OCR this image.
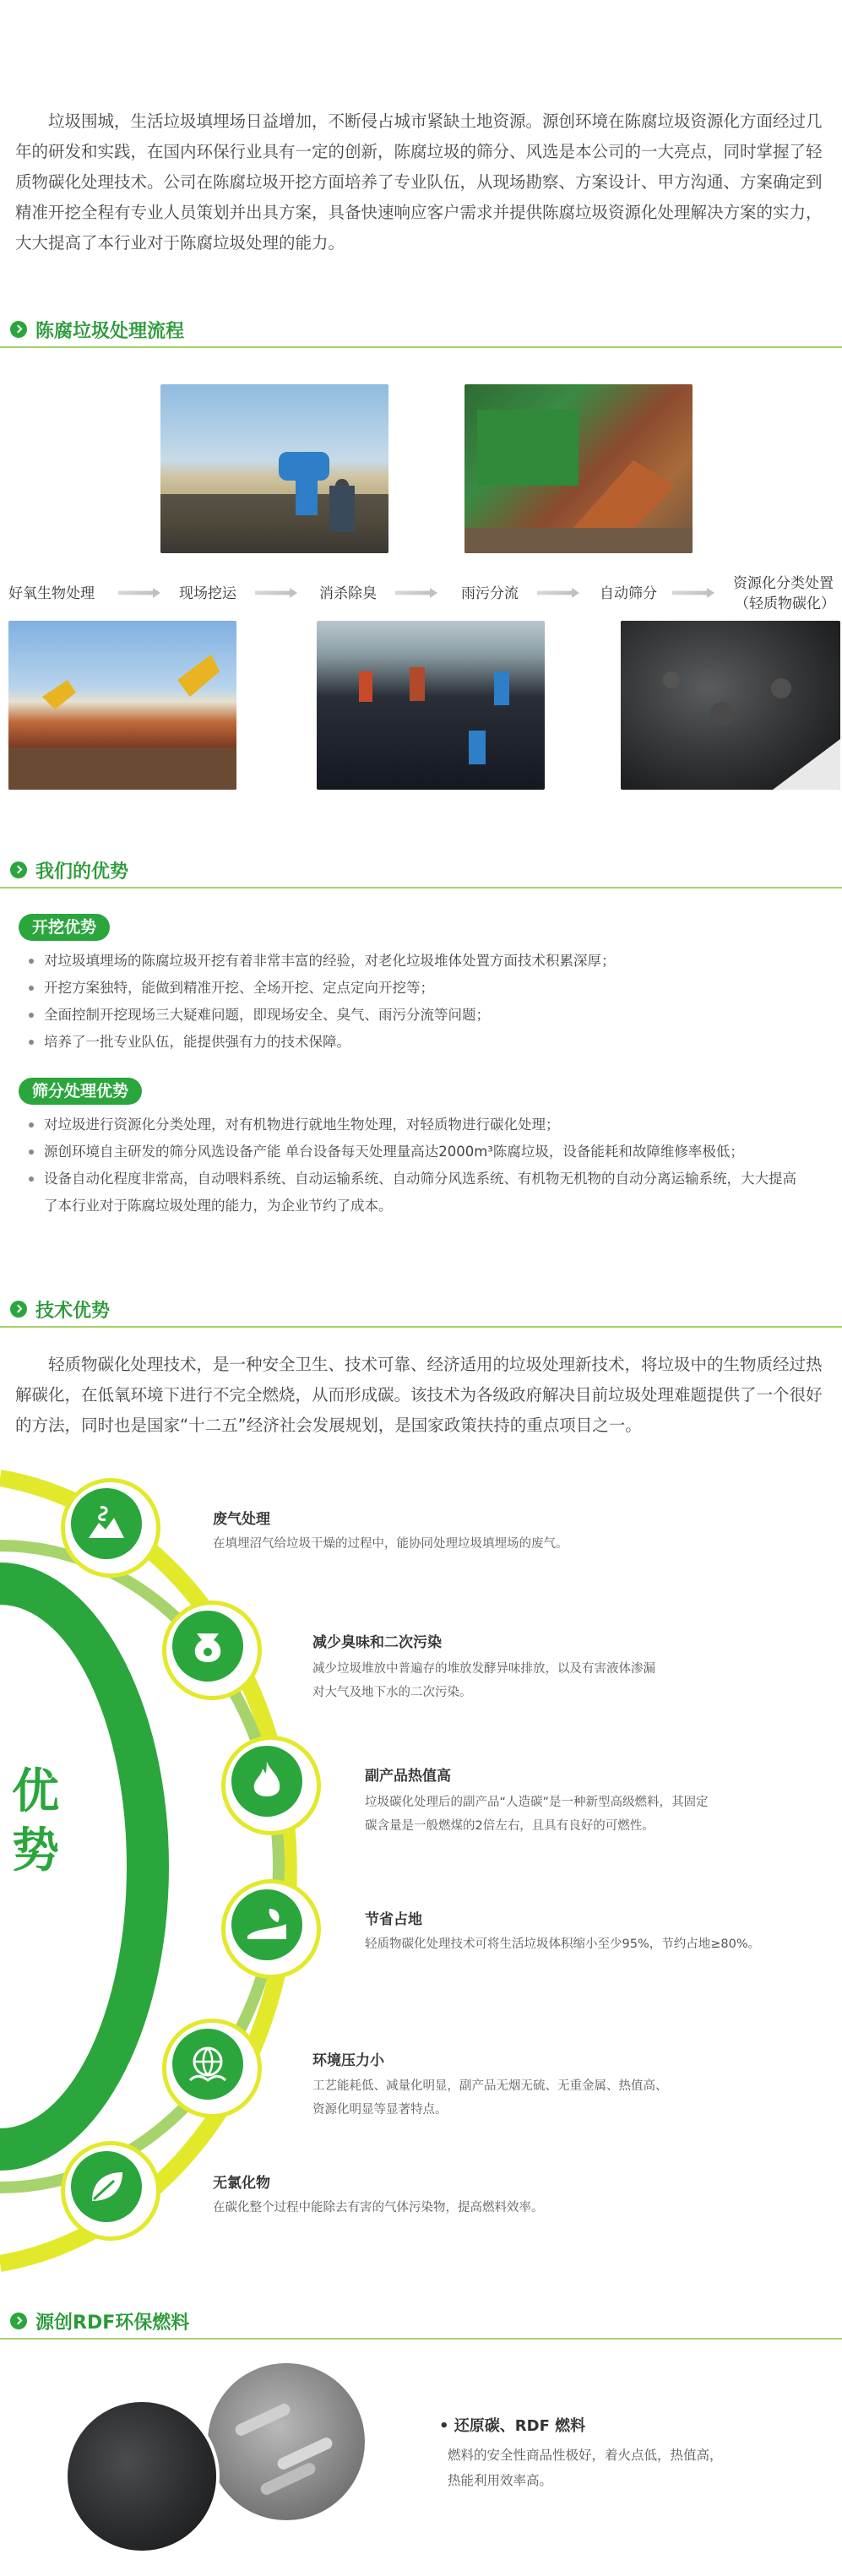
垃圾围城，生活垃圾填埋场日益增加，不断侵占城市紧缺土地资源。源创环境在陈腐垃圾资源化方面经过几年的研发和实践，在国内环保行业具有一定的创新，陈腐垃圾的筛分、风选是本公司的一大亮点，同时掌握了轻质物碳化处理技术。公司在陈腐垃圾开挖方面培养了专业队伍，从现场勘察、方案设计、甲方沟通、方案确定到精准开挖全程有专业人员策划并出具方案，具备快速响应客户需求并提供陈腐垃圾资源化处理解决方案的实力，大大提高了本行业对于陈腐垃圾处理的能力。
陈腐垃圾处理流程
好氧生物处理	现场挖运	消杀除臭	雨污分流	自动筛分
资源化分类处置
（轻质物碳化）
我们的优势
开挖优势
对垃圾填埋场的陈腐垃圾开挖有着非常丰富的经验，对老化垃圾堆体处置方面技术积累深厚；
开挖方案独特，能做到精准开挖、全场开挖、定点定向开挖等；
全面控制开挖现场三大疑难问题，即现场安全、臭气、雨污分流等问题；
培养了一批专业队伍，能提供强有力的技术保障。
筛分处理优势
对垃圾进行资源化分类处理，对有机物进行就地生物处理，对轻质物进行碳化处理；
源创环境自主研发的筛分风选设备产能 单台设备每天处理量高达2000m³陈腐垃圾，设备能耗和故障维修率极低；
设备自动化程度非常高，自动喂料系统、自动运输系统、自动筛分风选系统、有机物无机物的自动分离运输系统，大大提高了本行业对于陈腐垃圾处理的能力，为企业节约了成本。
技术优势
轻质物碳化处理技术，是一种安全卫生、技术可靠、经济适用的垃圾处理新技术，将垃圾中的生物质经过热解碳化，在低氧环境下进行不完全燃烧，从而形成碳。该技术为各级政府解决目前垃圾处理难题提供了一个很好的方法，同时也是国家“十二五”经济社会发展规划，是国家政策扶持的重点项目之一。
优
势
废气处理
在填埋沼气给垃圾干燥的过程中，能协同处理垃圾填埋场的废气。
减少臭味和二次污染
减少垃圾堆放中普遍存的堆放发酵异味排放，以及有害液体渗漏
对大气及地下水的二次污染。
副产品热值高
垃圾碳化处理后的副产品“人造碳”是一种新型高级燃料，其固定
碳含量是一般燃煤的2倍左右，且具有良好的可燃性。
节省占地
轻质物碳化处理技术可将生活垃圾体积缩小至少95%，节约占地≥80%。
环境压力小
工艺能耗低、减量化明显，副产品无烟无硫、无重金属、热值高、
资源化明显等显著特点。
无氯化物
在碳化整个过程中能除去有害的气体污染物，提高燃料效率。
源创RDF环保燃料
• 还原碳、RDF 燃料
燃料的安全性商品性极好，着火点低，热值高，
热能利用效率高。
